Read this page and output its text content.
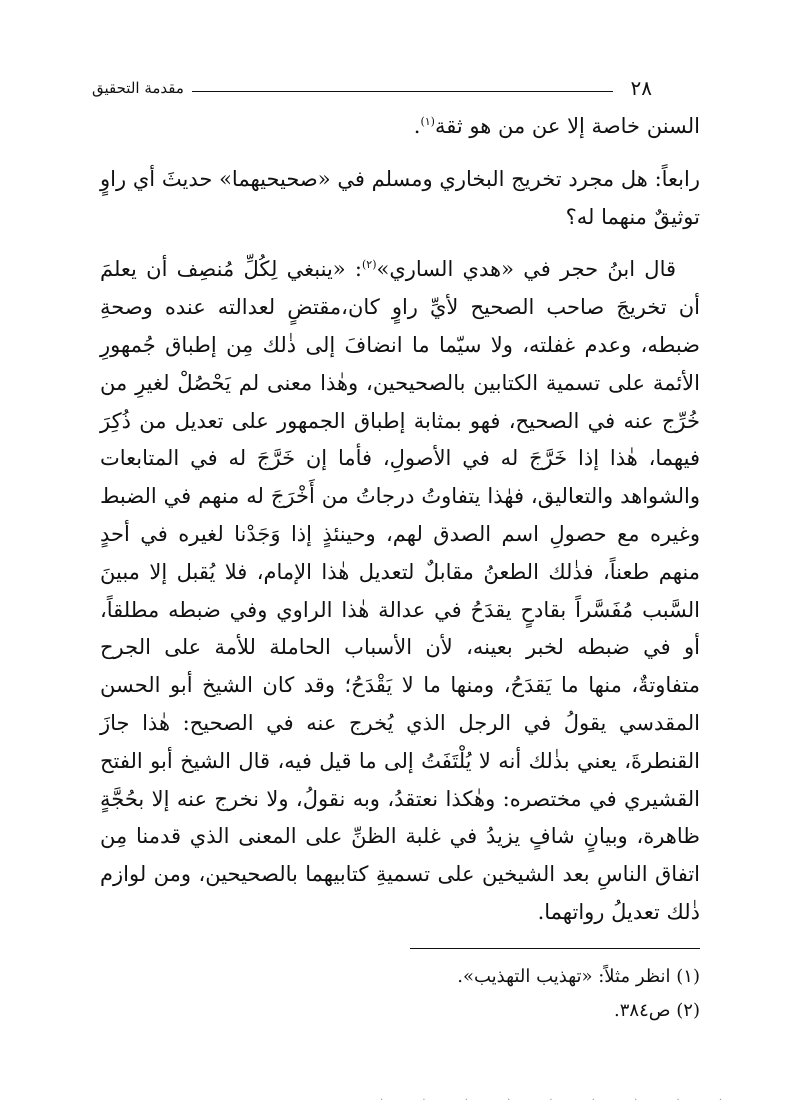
٢٨
مقدمة التحقيق

السنن خاصة إلا عن من هو ثقة$^{(١)}$.

رابعاً: هل مجرد تخريج البخاري ومسلم في «صحيحيهما» حديثَ أي راوٍ توثيقٌ منهما له؟

قال ابنُ حجر في «هدي الساري»$^{(٢)}$: «ينبغي لِكُلِّ مُنصِف أن يعلمَ أن تخريجَ صاحب الصحيح لأيِّ راوٍ كان،مقتضٍ لعدالته عنده وصحةِ ضبطه، وعدم غفلته، ولا سيّما ما انضافَ إلى ذٰلك مِن إطباق جُمهورِ الأئمة على تسمية الكتابين بالصحيحين، وهٰذا معنى لم يَحْصُلْ لغيرِ من خُرِّج عنه في الصحيح، فهو بمثابة إطباق الجمهور على تعديل من ذُكِرَ فيهما، هٰذا إذا خَرَّجَ له في الأصولِ، فأما إن خَرَّجَ له في المتابعات والشواهد والتعاليق، فهٰذا يتفاوتُ درجاتُ من أَخْرَجَ له منهم في الضبط وغيره مع حصولِ اسم الصدق لهم، وحينئذٍ إذا وَجَدْنا لغيره في أحدٍ منهم طعناً، فذٰلك الطعنُ مقابلٌ لتعديل هٰذا الإمام، فلا يُقبل إلا مبينَ السَّبب مُفَسَّراً بقادحٍ يقدَحُ في عدالة هٰذا الراوي وفي ضبطه مطلقاً، أو في ضبطه لخبر بعينه، لأن الأسباب الحاملة للأمة على الجرح متفاوتةٌ، منها ما يَقدَحُ، ومنها ما لا يَقْدَحُ؛ وقد كان الشيخ أبو الحسن المقدسي يقولُ في الرجل الذي يُخرج عنه في الصحيح: هٰذا جازَ القنطرةَ، يعني بذٰلك أنه لا يُلْتَفَتُ إلى ما قيل فيه، قال الشيخ أبو الفتح القشيري في مختصره: وهٰكذا نعتقدُ، وبه نقولُ، ولا نخرج عنه إلا بحُجَّةٍ ظاهرة، وبيانٍ شافٍ يزيدُ في غلبة الظنِّ على المعنى الذي قدمنا مِن اتفاق الناسِ بعد الشيخين على تسميةِ كتابيهما بالصحيحين، ومن لوازم ذٰلك تعديلُ رواتهما.

(١) انظر مثلاً: «تهذيب التهذيب».

(٢) ص٣٨٤.

· · · · · · · · ·
